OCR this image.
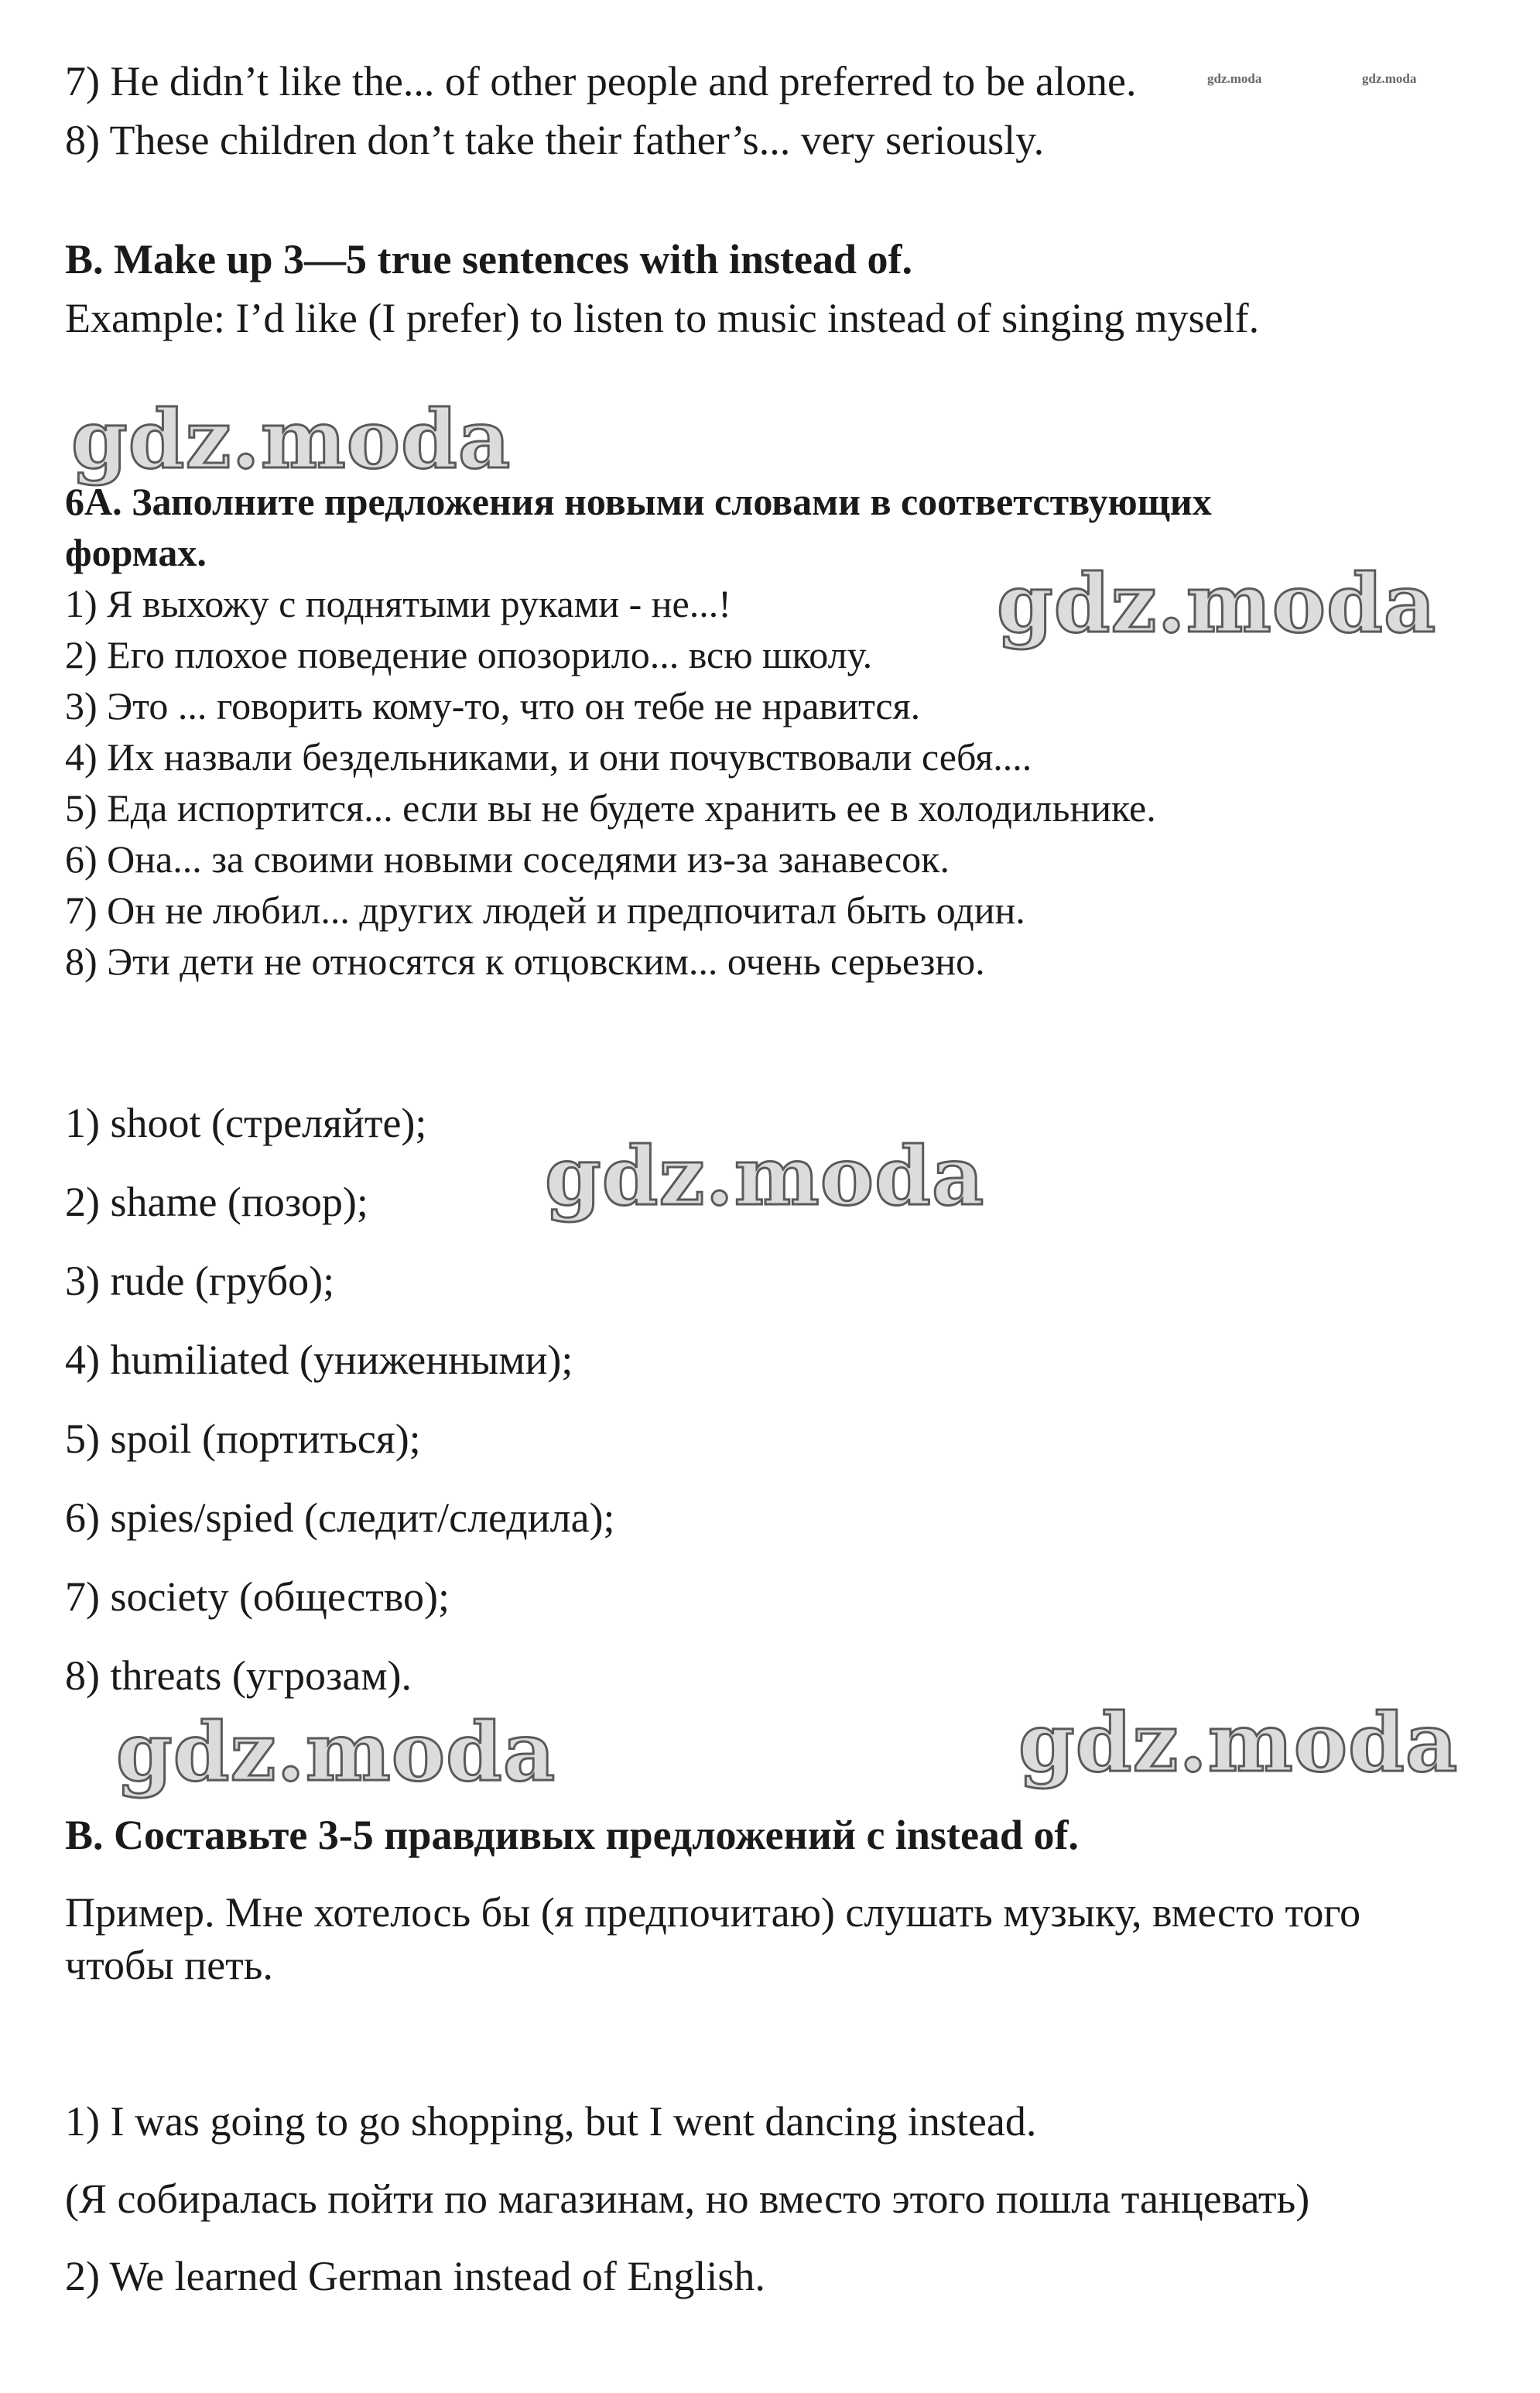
gdz.moda	gdz.moda
7) He didn’t like the... of other people and preferred to be alone.
8) These children don’t take their father’s... very seriously.
B. Make up 3—5 true sentences with instead of.
Example: I’d like (I prefer) to listen to music instead of singing myself.
gdz.moda
6A. Заполните предложения новыми словами в соответствующих
формах.
1) Я выхожу с поднятыми руками - не...!
2) Его плохое поведение опозорило... всю школу.
3) Это ... говорить кому-то, что он тебе не нравится.
4) Их назвали бездельниками, и они почувствовали себя....
5) Еда испортится... если вы не будете хранить ее в холодильнике.
6) Она... за своими новыми соседями из-за занавесок.
7) Он не любил... других людей и предпочитал быть один.
8) Эти дети не относятся к отцовским... очень серьезно.
gdz.moda
1) shoot (стреляйте);
2) shame (позор);
3) rude (грубо);
4) humiliated (униженными);
5) spoil (портиться);
6) spies/spied (следит/следила);
7) society (общество);
8) threats (угрозам).
gdz.moda
gdz.moda	gdz.moda
B. Составьте 3-5 правдивых предложений с instead of.
Пример. Мне хотелось бы (я предпочитаю) слушать музыку, вместо того
чтобы петь.
1) I was going to go shopping, but I went dancing instead.
(Я собиралась пойти по магазинам, но вместо этого пошла танцевать)
2) We learned German instead of English.
